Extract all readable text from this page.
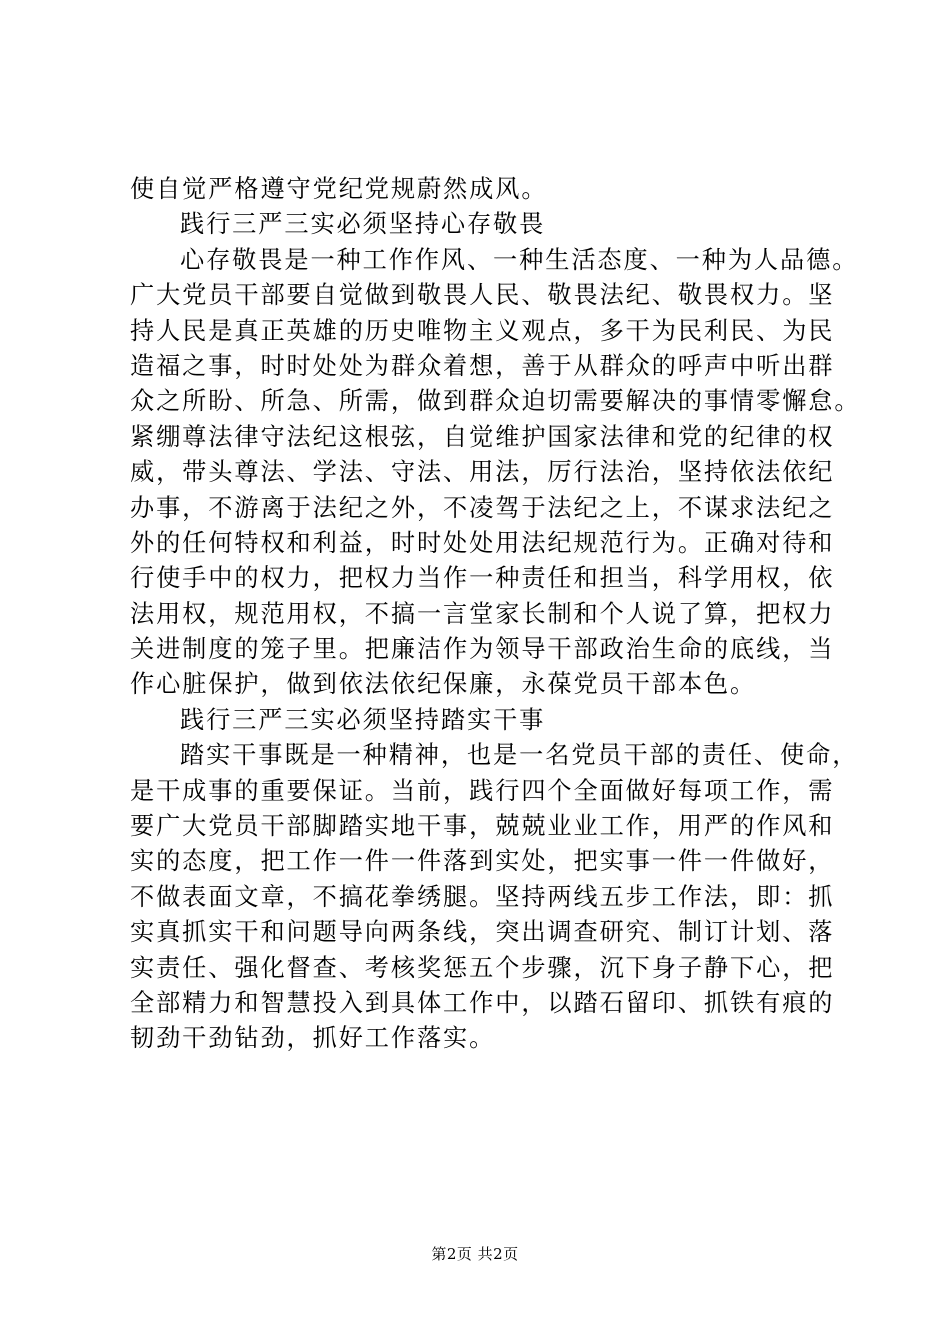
使自觉严格遵守党纪党规蔚然成风。
践行三严三实必须坚持心存敬畏
心存敬畏是一种工作作风、一种生活态度、一种为人品德。
广大党员干部要自觉做到敬畏人民、敬畏法纪、敬畏权力。坚
持人民是真正英雄的历史唯物主义观点，多干为民利民、为民
造福之事，时时处处为群众着想，善于从群众的呼声中听出群
众之所盼、所急、所需，做到群众迫切需要解决的事情零懈怠。
紧绷尊法律守法纪这根弦，自觉维护国家法律和党的纪律的权
威，带头尊法、学法、守法、用法，厉行法治，坚持依法依纪
办事，不游离于法纪之外，不凌驾于法纪之上，不谋求法纪之
外的任何特权和利益，时时处处用法纪规范行为。正确对待和
行使手中的权力，把权力当作一种责任和担当，科学用权，依
法用权，规范用权，不搞一言堂家长制和个人说了算，把权力
关进制度的笼子里。把廉洁作为领导干部政治生命的底线，当
作心脏保护，做到依法依纪保廉，永葆党员干部本色。
践行三严三实必须坚持踏实干事
踏实干事既是一种精神，也是一名党员干部的责任、使命，
是干成事的重要保证。当前，践行四个全面做好每项工作，需
要广大党员干部脚踏实地干事，兢兢业业工作，用严的作风和
实的态度，把工作一件一件落到实处，把实事一件一件做好，
不做表面文章，不搞花拳绣腿。坚持两线五步工作法，即：抓
实真抓实干和问题导向两条线，突出调查研究、制订计划、落
实责任、强化督查、考核奖惩五个步骤，沉下身子静下心，把
全部精力和智慧投入到具体工作中，以踏石留印、抓铁有痕的
韧劲干劲钻劲，抓好工作落实。
第2页 共2页
